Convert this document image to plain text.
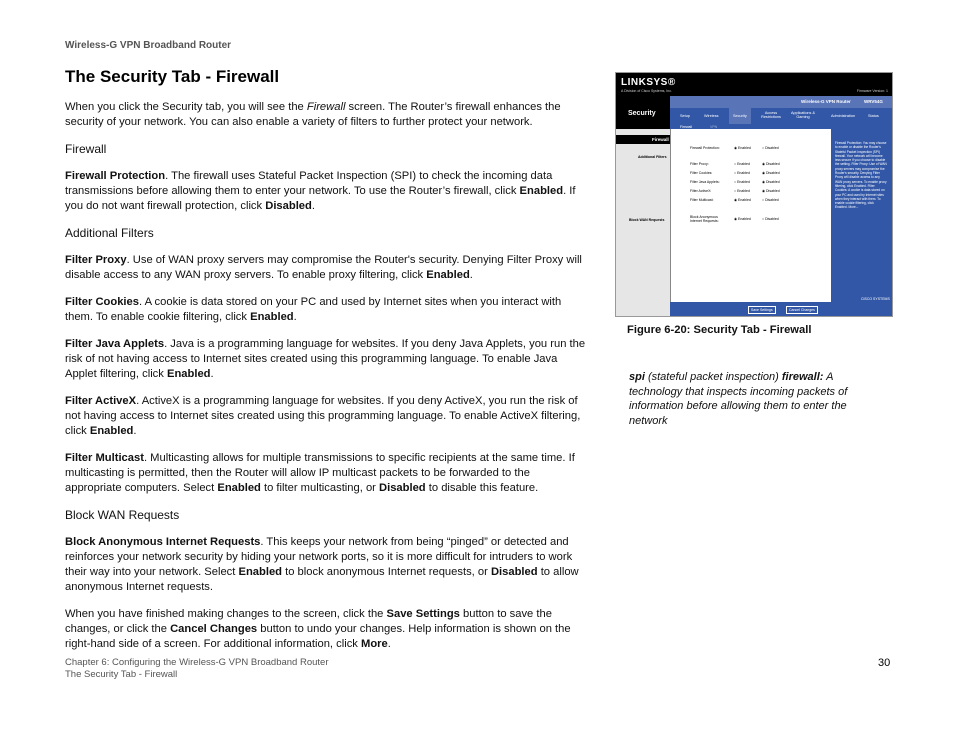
Wireless-G VPN Broadband Router
The Security Tab - Firewall

When you click the Security tab, you will see the Firewall screen. The Router’s firewall enhances the security of your network. You can also enable a variety of filters to further protect your network.

Firewall

Firewall Protection. The firewall uses Stateful Packet Inspection (SPI) to check the incoming data transmissions before allowing them to enter your network. To use the Router’s firewall, click Enabled. If you do not want firewall protection, click Disabled.

Additional Filters

Filter Proxy. Use of WAN proxy servers may compromise the Router's security. Denying Filter Proxy will disable access to any WAN proxy servers. To enable proxy filtering, click Enabled.

Filter Cookies. A cookie is data stored on your PC and used by Internet sites when you interact with them. To enable cookie filtering, click Enabled.

Filter Java Applets. Java is a programming language for websites. If you deny Java Applets, you run the risk of not having access to Internet sites created using this programming language. To enable Java Applet filtering, click Enabled.

Filter ActiveX. ActiveX is a programming language for websites. If you deny ActiveX, you run the risk of not having access to Internet sites created using this programming language. To enable ActiveX filtering, click Enabled.

Filter Multicast. Multicasting allows for multiple transmissions to specific recipients at the same time. If multicasting is permitted, then the Router will allow IP multicast packets to be forwarded to the appropriate computers. Select Enabled to filter multicasting, or Disabled to disable this feature.

Block WAN Requests

Block Anonymous Internet Requests. This keeps your network from being “pinged” or detected and reinforces your network security by hiding your network ports, so it is more difficult for intruders to work their way into your network. Select Enabled to block anonymous Internet requests, or Disabled to allow anonymous Internet requests.

When you have finished making changes to the screen, click the Save Settings button to save the changes, or click the Cancel Changes button to undo your changes. Help information is shown on the right-hand side of a screen. For additional information, click More.

LINKSYS®
A Division of Cisco Systems, Inc.	Firmware Version: 1
Security
Wireless-G VPN Router	WRV54G
Setup	Wireless	Security
Access Restrictions
Applications & Gaming	Administration	Status
Firewall	VPN
Firewall
Additional Filters
Block WAN Requests
Firewall Protection:	◉ Enabled	○ Disabled
Filter Proxy:	○ Enabled	◉ Disabled
Filter Cookies:	○ Enabled	◉ Disabled
Filter Java Applets:	○ Enabled	◉ Disabled
Filter ActiveX:	○ Enabled	◉ Disabled
Filter Multicast:	◉ Enabled	○ Disabled
Block Anonymous Internet Requests:	◉ Enabled	○ Disabled
Firewall Protection: You may choose to enable or disable the Router's Stateful Packet Inspection (SPI) firewall. Your network will become less secure if you choose to disable the setting. Filter Proxy: Use of WAN proxy servers may compromise the Router's security. Denying Filter Proxy will disable access to any WAN proxy servers. To enable proxy filtering, click Enabled. Filter Cookies: A cookie is data stored on your PC and used by Internet sites when they interact with them. To enable cookie filtering, click Enabled. More...
CISCO SYSTEMS
Save Settings	Cancel Changes

Figure 6-20: Security Tab - Firewall

spi (stateful packet inspection) firewall: A technology that inspects incoming packets of information before allowing them to enter the network

Chapter 6: Configuring the Wireless-G VPN Broadband Router
The Security Tab - Firewall
30
